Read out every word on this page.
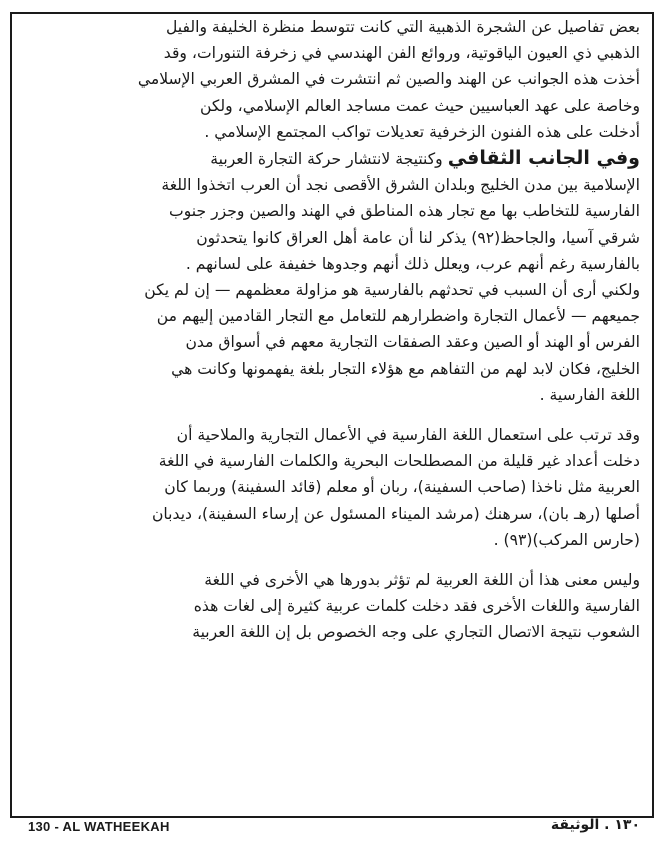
بعض تفاصيل عن الشجرة الذهبية التي كانت تتوسط منظرة الخليفة والفيل
الذهبي ذي العيون الياقوتية، وروائع الفن الهندسي في زخرفة التنورات، وقد
أخذت هذه الجوانب عن الهند والصين ثم انتشرت في المشرق العربي الإسلامي
وخاصة على عهد العباسيين حيث عمت مساجد العالم الإسلامي، ولكن
أدخلت على هذه الفنون الزخرفية تعديلات تواكب المجتمع الإسلامي .
وفي الجانب الثقافي وكنتيجة لانتشار حركة التجارة العربية
الإسلامية بين مدن الخليج وبلدان الشرق الأقصى نجد أن العرب اتخذوا اللغة
الفارسية للتخاطب بها مع تجار هذه المناطق في الهند والصين وجزر جنوب
شرقي آسيا، والجاحظ(٩٢) يذكر لنا أن عامة أهل العراق كانوا يتحدثون
بالفارسية رغم أنهم عرب، ويعلل ذلك أنهم وجدوها خفيفة على لسانهم .
ولكني أرى أن السبب في تحدثهم بالفارسية هو مزاولة معظمهم — إن لم يكن
جميعهم — لأعمال التجارة واضطرارهم للتعامل مع التجار القادمين إليهم من
الفرس أو الهند أو الصين وعقد الصفقات التجارية معهم في أسواق مدن
الخليج، فكان لابد لهم من التفاهم مع هؤلاء التجار بلغة يفهمونها وكانت هي
اللغة الفارسية .
وقد ترتب على استعمال اللغة الفارسية في الأعمال التجارية والملاحية أن
دخلت أعداد غير قليلة من المصطلحات البحرية والكلمات الفارسية في اللغة
العربية مثل ناخذا (صاحب السفينة)، ربان أو معلم (قائد السفينة) وربما كان
أصلها (رهـ بان)، سرهنك (مرشد الميناء المسئول عن إرساء السفينة)، ديدبان
(حارس المركب)(٩٣) .
وليس معنى هذا أن اللغة العربية لم تؤثر بدورها هي الأخرى في اللغة
الفارسية واللغات الأخرى فقد دخلت كلمات عربية كثيرة إلى لغات هذه
الشعوب نتيجة الاتصال التجاري على وجه الخصوص بل إن اللغة العربية
130 - AL WATHEEKAH	١٣٠ . الوثيقة
